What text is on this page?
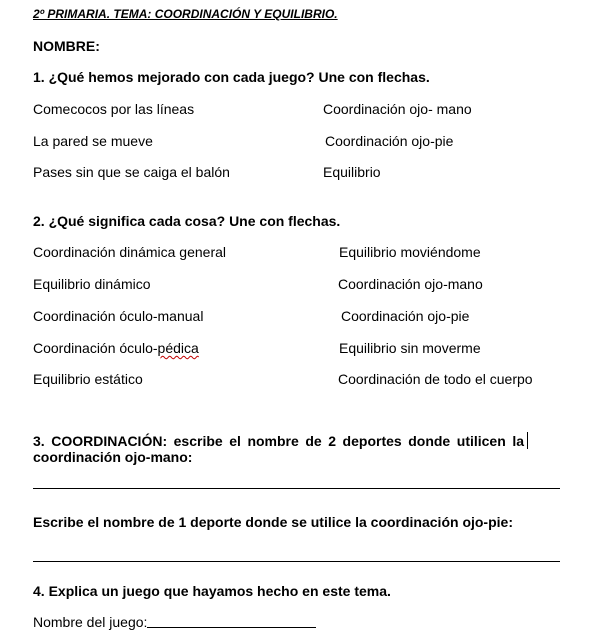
2º PRIMARIA. TEMA: COORDINACIÓN Y EQUILIBRIO.
NOMBRE:
1. ¿Qué hemos mejorado con cada juego? Une con flechas.
Comecocos por las líneas
La pared se mueve
Pases sin que se caiga el balón
Coordinación ojo- mano
Coordinación ojo-pie
Equilibrio
2. ¿Qué significa cada cosa? Une con flechas.
Coordinación dinámica general
Equilibrio dinámico
Coordinación óculo-manual
Coordinación óculo-pédica
Equilibrio estático
Equilibrio moviéndome
Coordinación ojo-mano
Coordinación ojo-pie
Equilibrio sin moverme
Coordinación de todo el cuerpo
3. COORDINACIÓN: escribe el nombre de 2 deportes donde utilicen la coordinación ojo-mano:
Escribe el nombre de 1 deporte donde se utilice la coordinación ojo-pie:
4. Explica un juego que hayamos hecho en este tema.
Nombre del juego:
